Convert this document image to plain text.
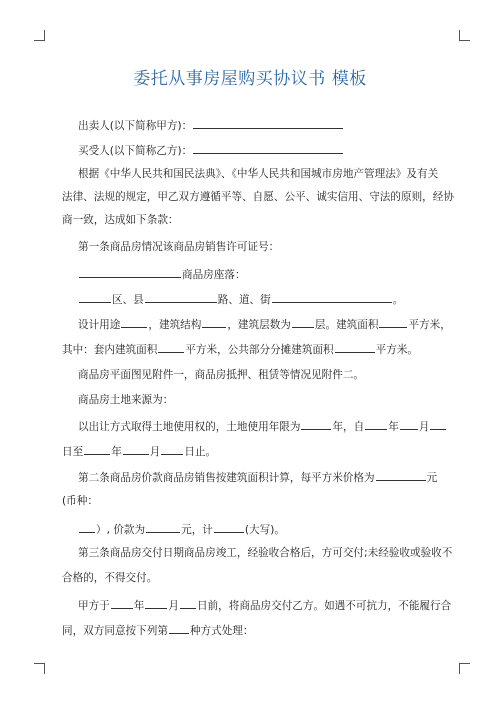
委托从事房屋购买协议书 模板
出卖人(以下简称甲方)：
买受人(以下简称乙方)：
根据《中华人民共和国民法典》、《中华人民共和国城市房地产管理法》及有关
法律、法规的规定，甲乙双方遵循平等、自愿、公平、诚实信用、守法的原则，经协
商一致，达成如下条款：
第一条商品房情况该商品房销售许可证号：
商品房座落：
区、县	路、道、街	。
设计用途	，建筑结构 ，建筑层数为 层。建筑面积	平方米，
其中：套内建筑面积	平方米，公共部分分摊建筑面积	平方米。
商品房平面图见附件一，商品房抵押、租赁等情况见附件二。
商品房土地来源为：
以出让方式取得土地使用权的，土地使用年限为	年，自 年 月
日至	年	月 日止。
第二条商品房价款商品房销售按建筑面积计算，每平方米价格为	元
(币种：
）, 价款为	元，计	(大写)。
第三条商品房交付日期商品房竣工，经验收合格后，方可交付;未经验收或验收不
合格的，不得交付。
甲方于 年 月 日前，将商品房交付乙方。如遇不可抗力，不能履行合
同，双方同意按下列第 种方式处理：
